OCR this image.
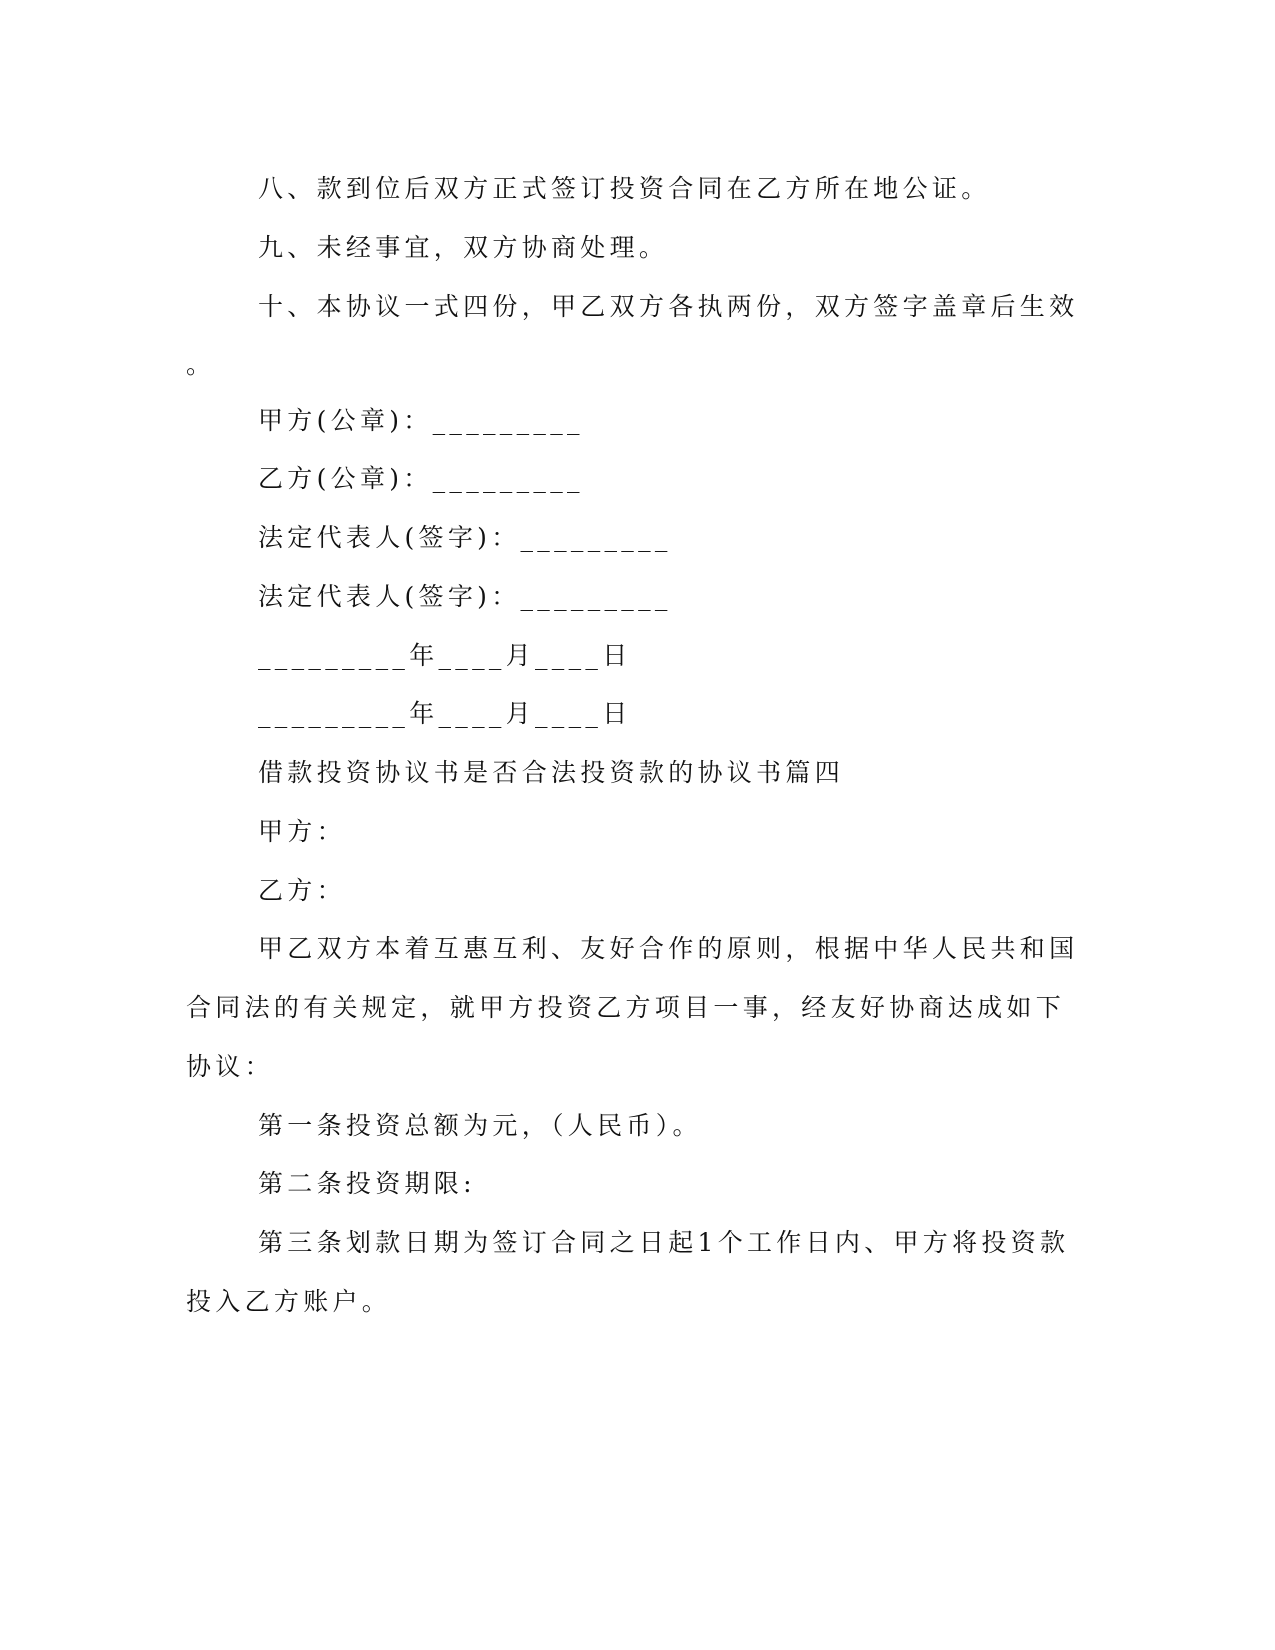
八、款到位后双方正式签订投资合同在乙方所在地公证。
九、未经事宜，双方协商处理。
十、本协议一式四份，甲乙双方各执两份，双方签字盖章后生效
。
甲方(公章)：_________
乙方(公章)：_________
法定代表人(签字)：_________
法定代表人(签字)：_________
_________年____月____日
_________年____月____日
借款投资协议书是否合法投资款的协议书篇四
甲方：
乙方：
甲乙双方本着互惠互利、友好合作的原则，根据中华人民共和国
合同法的有关规定，就甲方投资乙方项目一事，经友好协商达成如下
协议：
第一条投资总额为元，（人民币）。
第二条投资期限:
第三条划款日期为签订合同之日起1个工作日内、甲方将投资款
投入乙方账户。
